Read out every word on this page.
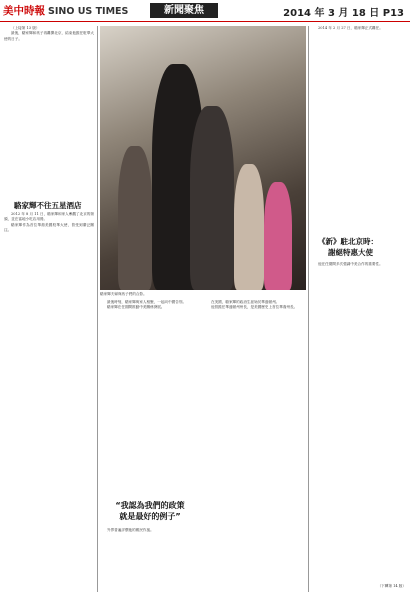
美中時報 SINO US TIMES	新聞聚焦	2014 年 3 月 18 日 P13

（上接第 13 版）

最後，駱家輝和孩子再離開北京，結束他擔任駐華大使的日子。

駱家輝不往五星酒店

2012 年 8 月 11 日，駱家輝和家人參觀了北京的街頭，並在當地小吃店用餐。

駱家輝作為首位華裔美國駐華大使，曾受到廣泛關注。

駱家輝夫婦與孩子們的合影。

最後時刻，駱家輝與家人相聚，一起向中國告別。

駱家輝在任期間推動中美關係發展。

在美國，駱家輝的政治生涯始於華盛頓州。

他曾擔任華盛頓州州長，是美國歷史上首位華裔州長。

“我認為我們的政策
就是最好的例子”

外界普遍評價他的親民作風。

2014 年 2 月 27 日，駱家輝正式離任。

《新》駐北京時：
謝絕特惠大使

他在任期間多次強調中美合作的重要性。

（下轉第 14 版）
